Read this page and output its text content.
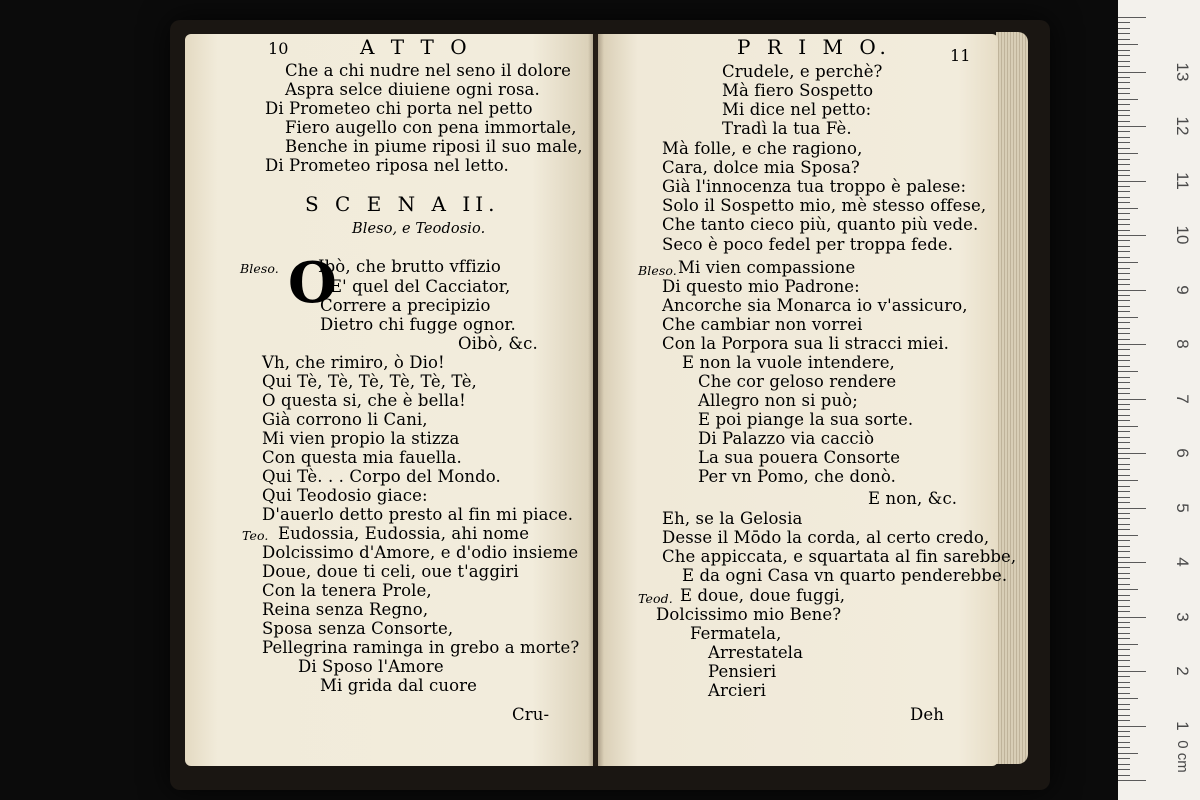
10	A T T O
Che a chi nudre nel seno il dolore
Aspra selce diuiene ogni rosa.
Di Prometeo chi porta nel petto
Fiero augello con pena immortale,
Benche in piume riposi il suo male,
Di Prometeo riposa nel letto.
S C E N A II.
Bleso, e Teodosio.
Bleso. O
Ibò, che brutto vffizio
E' quel del Cacciator,
Correre a precipizio
Dietro chi fugge ognor.
Oibò, &c.
Vh, che rimiro, ò Dio!
Qui Tè, Tè, Tè, Tè, Tè, Tè,
O questa si, che è bella!
Già corrono li Cani,
Mi vien propio la stizza
Con questa mia fauella.
Qui Tè. . . Corpo del Mondo.
Qui Teodosio giace:
D'auerlo detto presto al fin mi piace.
Teo. Eudossia, Eudossia, ahi nome
Dolcissimo d'Amore, e d'odio insieme
Doue, doue ti celi, oue t'aggiri
Con la tenera Prole,
Reina senza Regno,
Sposa senza Consorte,
Pellegrina raminga in grebo a morte?
Di Sposo l'Amore
Mi grida dal cuore
Cru-
P R I M O.	11
Crudele, e perchè?
Mà fiero Sospetto
Mi dice nel petto:
Tradì la tua Fè.
Mà folle, e che ragiono,
Cara, dolce mia Sposa?
Già l'innocenza tua troppo è palese:
Solo il Sospetto mio, mè stesso offese,
Che tanto cieco più, quanto più vede.
Seco è poco fedel per troppa fede.
Bleso. Mi vien compassione
Di questo mio Padrone:
Ancorche sia Monarca io v'assicuro,
Che cambiar non vorrei
Con la Porpora sua li stracci miei.
E non la vuole intendere,
Che cor geloso rendere
Allegro non si può;
E poi piange la sua sorte.
Di Palazzo via cacciò
La sua pouera Consorte
Per vn Pomo, che donò.
E non, &c.
Eh, se la Gelosia
Desse il Mōdo la corda, al certo credo,
Che appiccata, e squartata al fin sarebbe,
E da ogni Casa vn quarto penderebbe.
Teod. E doue, doue fuggi,
Dolcissimo mio Bene?
Fermatela,
Arrestatela
Pensieri
Arcieri
Deh
0 cm
1
2
3
4
5
6
7
8
9
10
11
12
13
